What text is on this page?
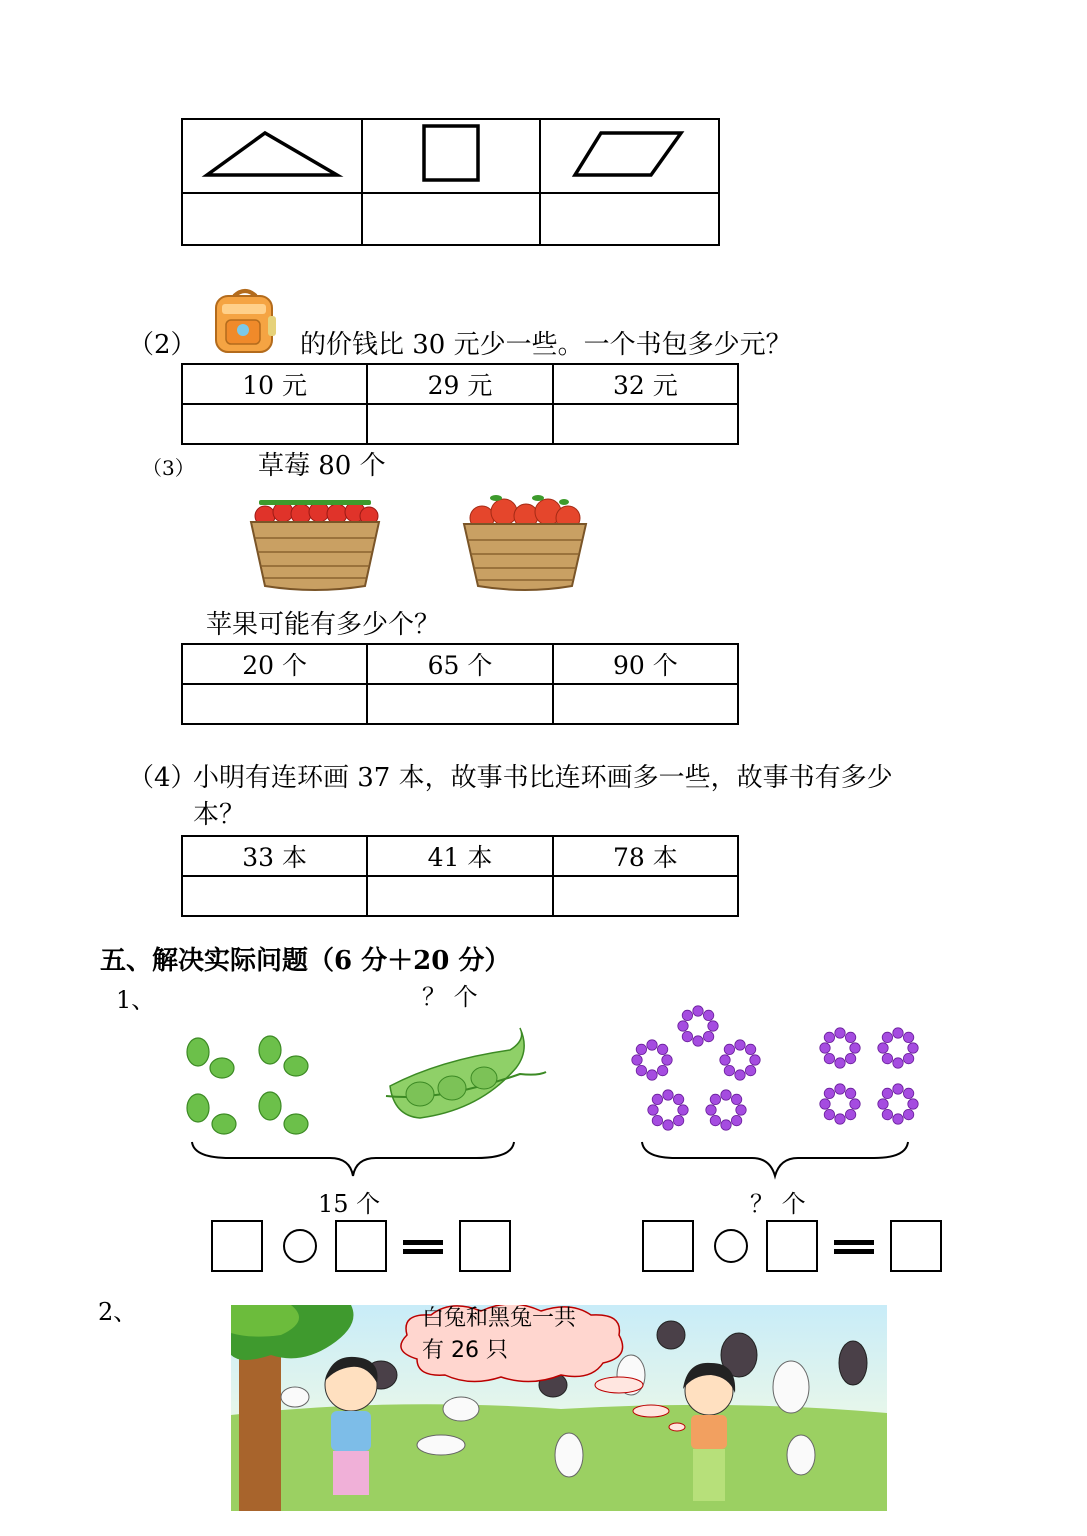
（2）	的价钱比 30 元少一些。一个书包多少元？
10 元	29 元	32 元

（3） 草莓 80 个
苹果可能有多少个？
20 个	65 个	90 个

（4）
小明有连环画 37 本，故事书比连环画多一些，故事书有多少
本？
33 本	41 本	78 本

五、解决实际问题（6 分＋20 分）
1、	？ 个
15 个	？ 个
2、	白兔和黑兔一共
有 26 只
